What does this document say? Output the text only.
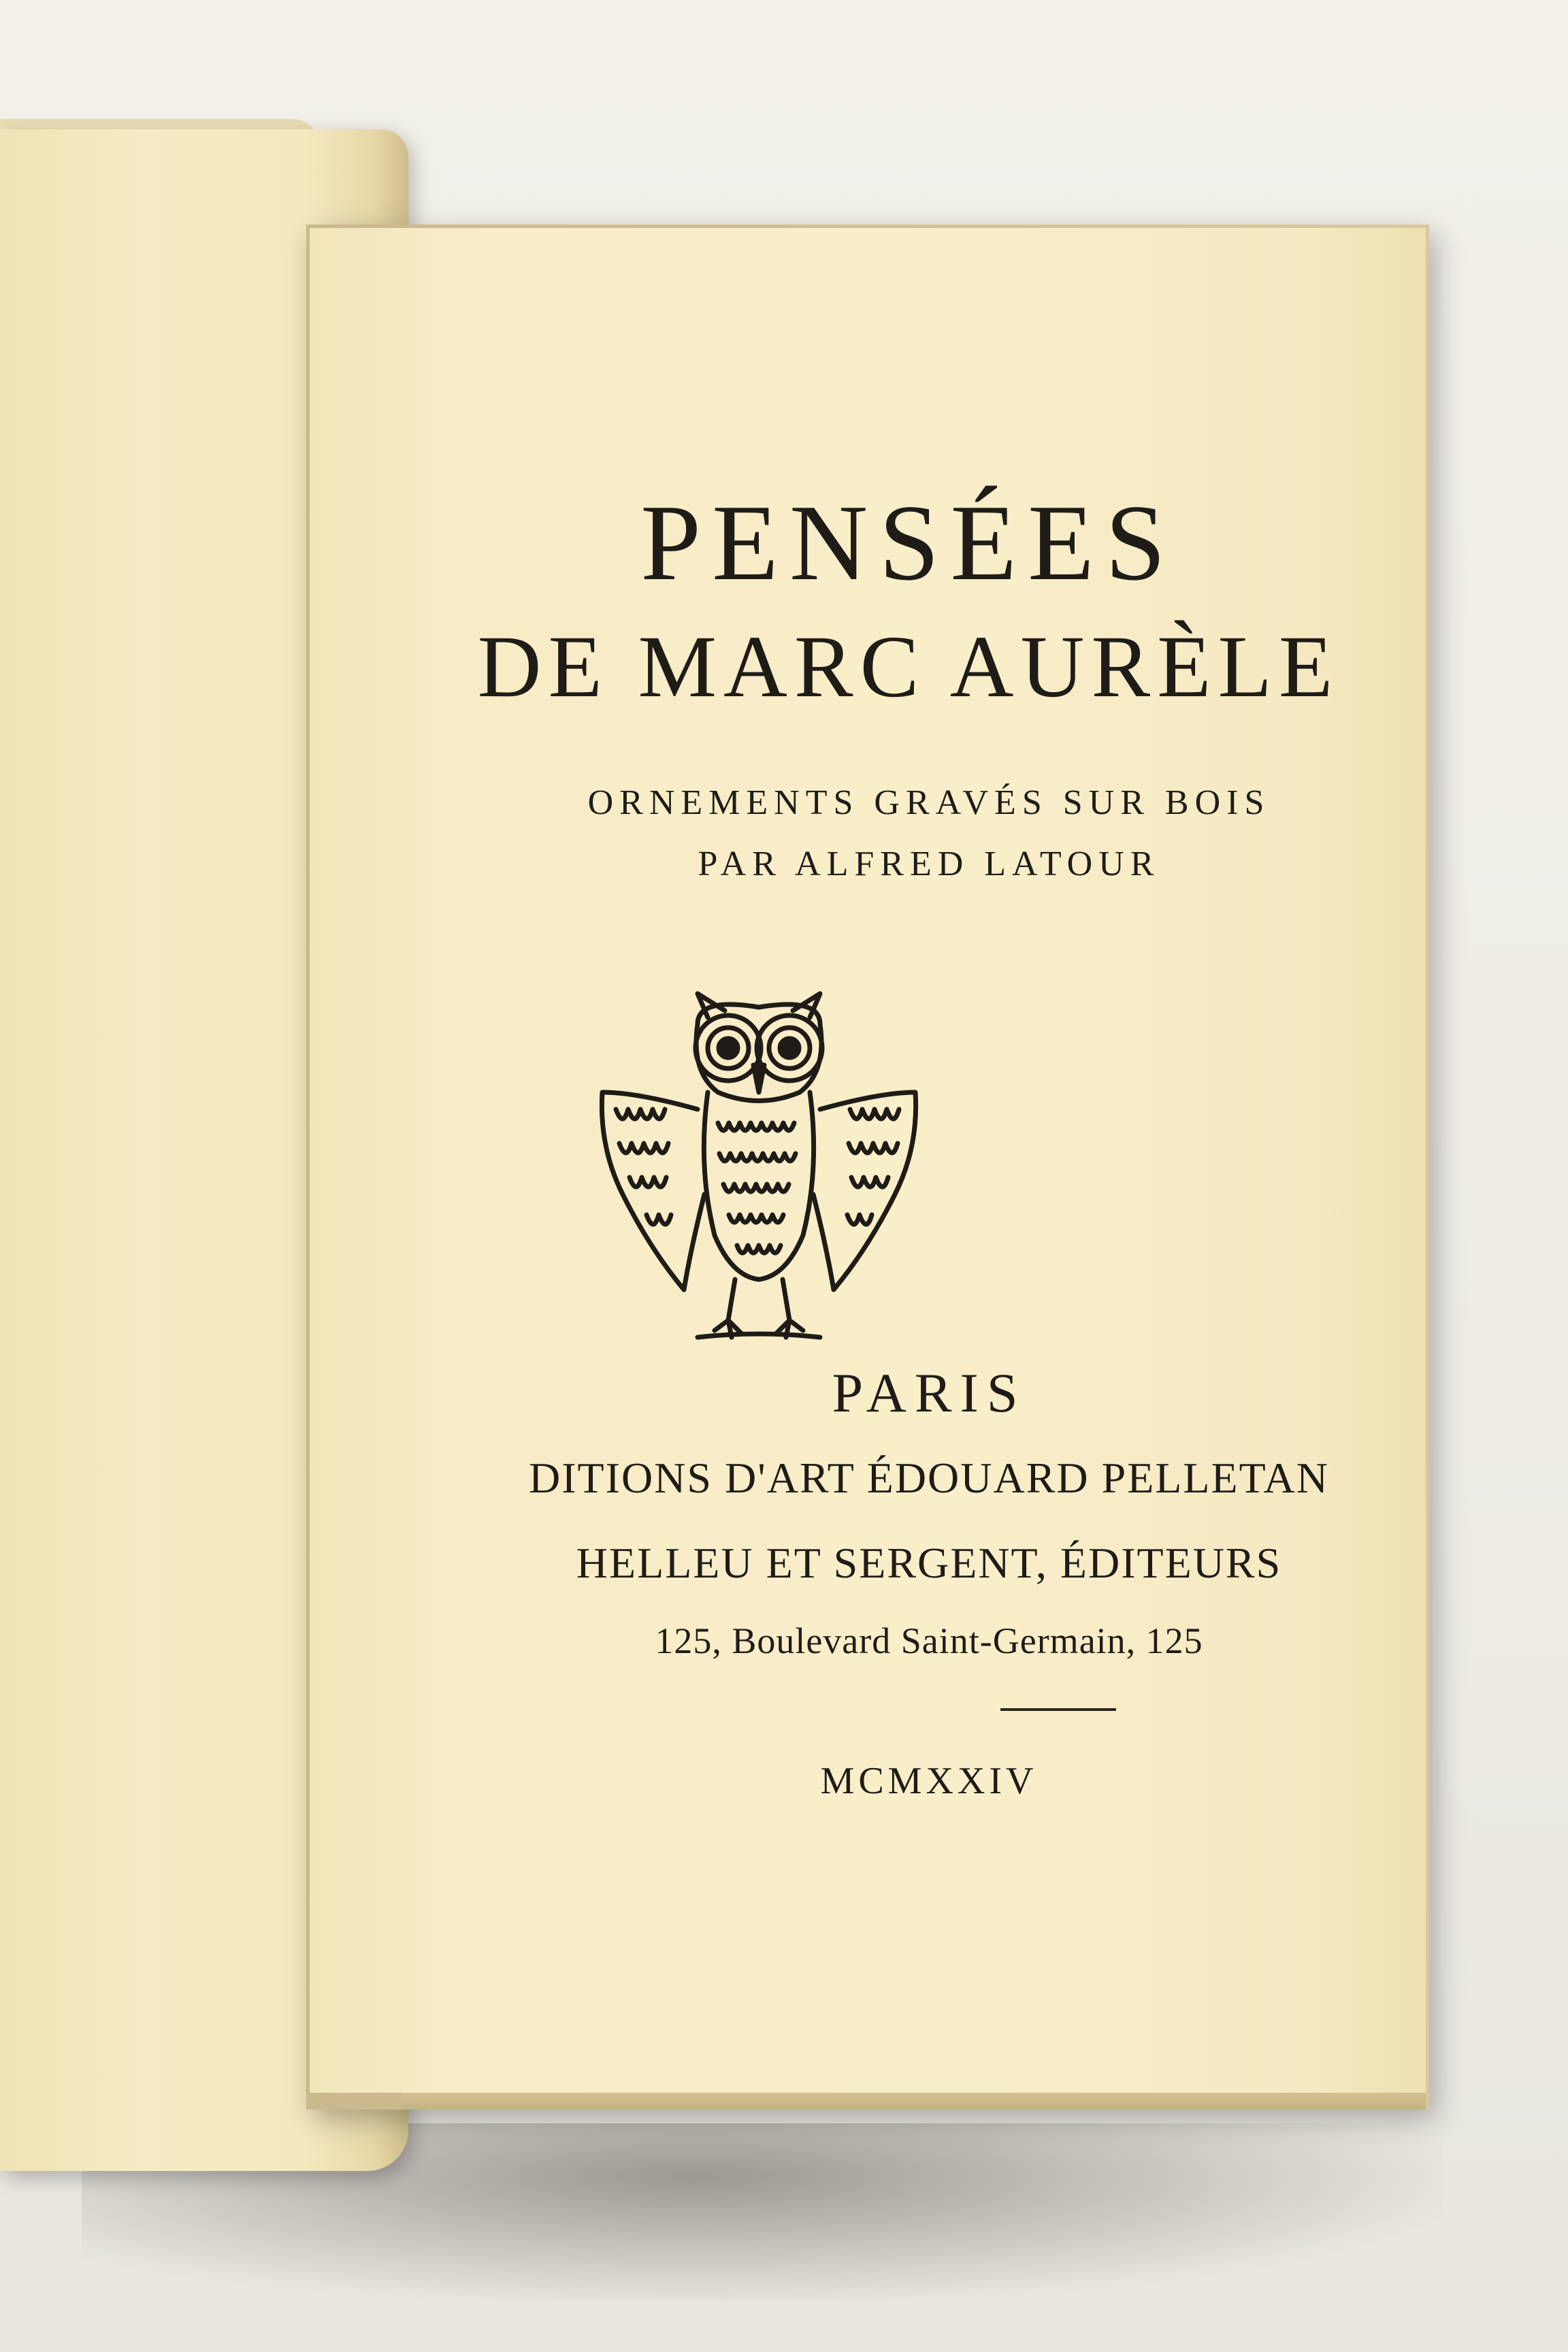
PENSÉES
DE MARC AURÈLE
ORNEMENTS GRAVÉS SUR BOIS
PAR ALFRED LATOUR
PARIS
DITIONS D'ART ÉDOUARD PELLETAN
HELLEU ET SERGENT, ÉDITEURS
125, Boulevard Saint-Germain, 125
MCMXXIV
